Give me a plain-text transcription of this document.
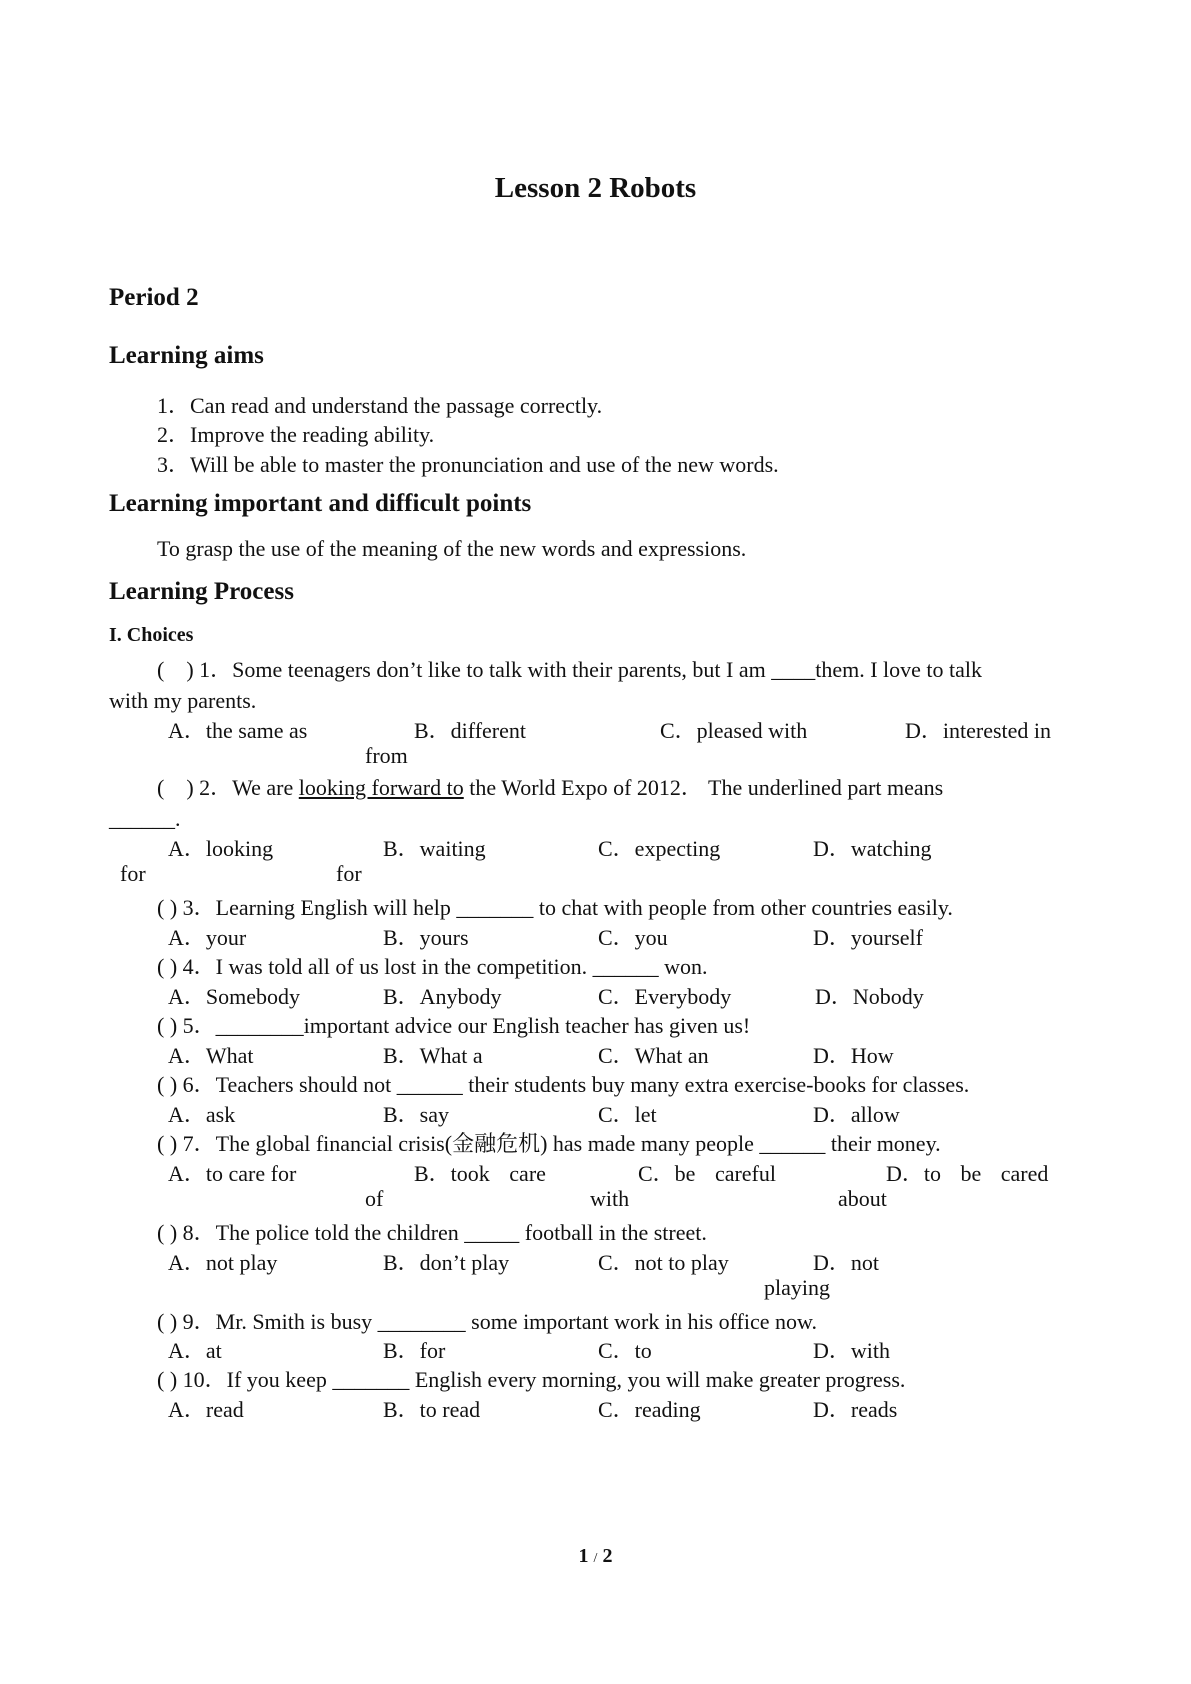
Lesson 2 Robots
Period 2
Learning aims
1．Can read and understand the passage correctly.
2．Improve the reading ability.
3．Will be able to master the pronunciation and use of the new words.
Learning important and difficult points
To grasp the use of the meaning of the new words and expressions.
Learning Process
I. Choices
(　) 1．Some teenagers don’t like to talk with their parents, but I am ____them. I love to talk
with my parents.
A．the same as	B．different	C．pleased with	D．interested in
from
(　) 2．We are looking forward to the World Expo of 2012． The underlined part means
______.
A．looking	B．waiting	C．expecting	D．watching
for	for
( ) 3．Learning English will help _______ to chat with people from other countries easily.
A．your	B．yours	C．you	D．yourself
( ) 4．I was told all of us lost in the competition. ______ won.
A．Somebody	B．Anybody	C．Everybody	D．Nobody
( ) 5．________important advice our English teacher has given us!
A．What	B．What a	C．What an	D．How
( ) 6．Teachers should not ______ their students buy many extra exercise-books for classes.
A．ask	B．say	C．let	D．allow
( ) 7．The global financial crisis(金融危机) has made many people ______ their money.
A．to care for	B．took care	C．be careful	D．to be cared
of	with	about
( ) 8．The police told the children _____ football in the street.
A．not play	B．don’t play	C．not to play	D．not
playing
( ) 9．Mr. Smith is busy ________ some important work in his office now.
A．at	B．for	C．to	D．with
( ) 10．If you keep _______ English every morning, you will make greater progress.
A．read	B．to read	C．reading	D．reads
1 / 2
